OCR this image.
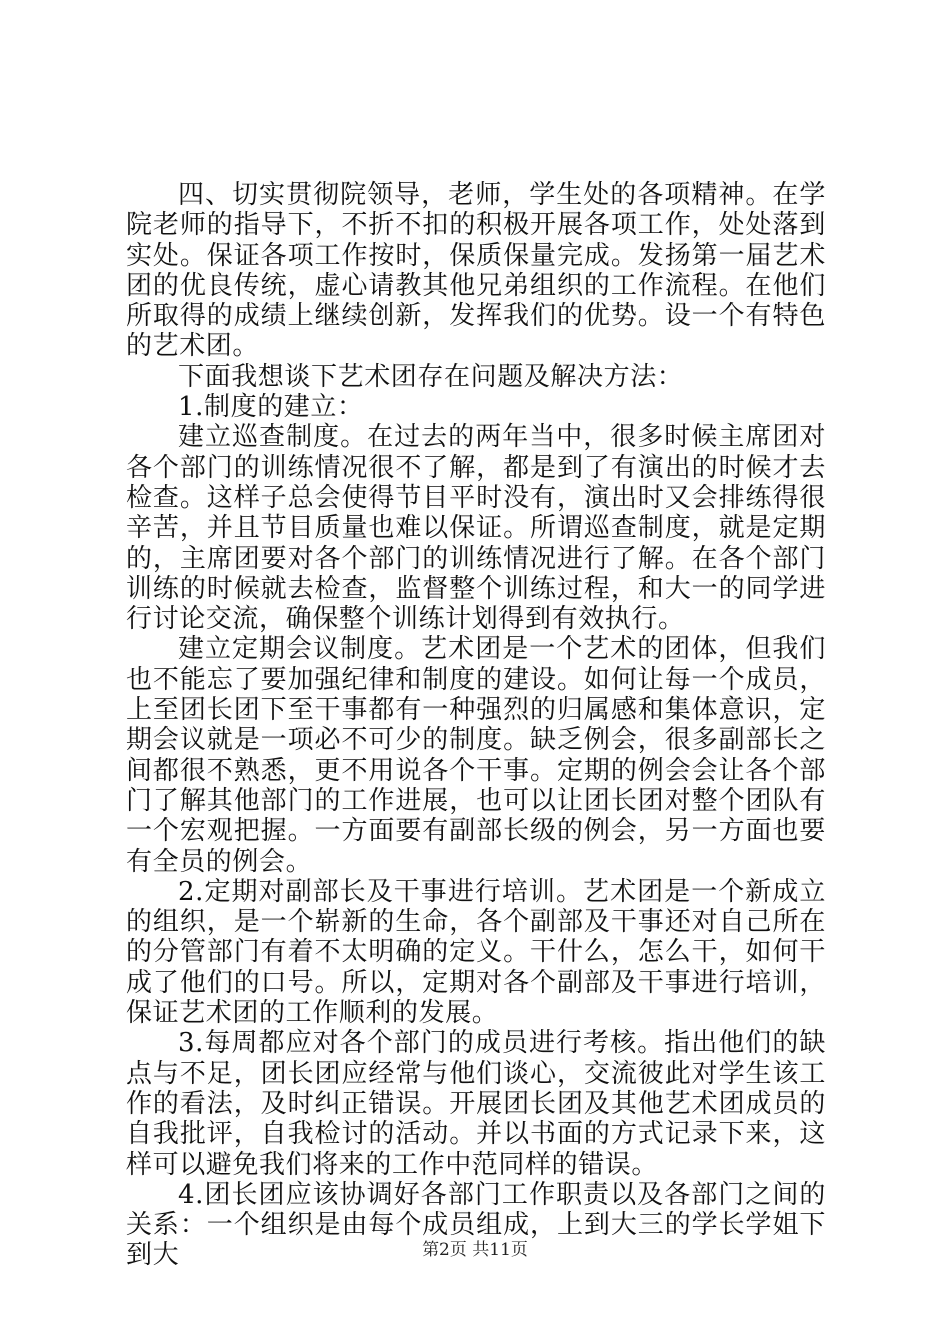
四、切实贯彻院领导，老师，学生处的各项精神。在学院老师的指导下，不折不扣的积极开展各项工作，处处落到实处。保证各项工作按时，保质保量完成。发扬第一届艺术团的优良传统，虚心请教其他兄弟组织的工作流程。在他们所取得的成绩上继续创新，发挥我们的优势。设一个有特色的艺术团。

下面我想谈下艺术团存在问题及解决方法：

1.制度的建立：

建立巡查制度。在过去的两年当中，很多时候主席团对各个部门的训练情况很不了解，都是到了有演出的时候才去检查。这样子总会使得节目平时没有，演出时又会排练得很辛苦，并且节目质量也难以保证。所谓巡查制度，就是定期的，主席团要对各个部门的训练情况进行了解。在各个部门训练的时候就去检查，监督整个训练过程，和大一的同学进行讨论交流，确保整个训练计划得到有效执行。

建立定期会议制度。艺术团是一个艺术的团体，但我们也不能忘了要加强纪律和制度的建设。如何让每一个成员，上至团长团下至干事都有一种强烈的归属感和集体意识，定期会议就是一项必不可少的制度。缺乏例会，很多副部长之间都很不熟悉，更不用说各个干事。定期的例会会让各个部门了解其他部门的工作进展，也可以让团长团对整个团队有一个宏观把握。一方面要有副部长级的例会，另一方面也要有全员的例会。

2.定期对副部长及干事进行培训。艺术团是一个新成立的组织，是一个崭新的生命，各个副部及干事还对自己所在的分管部门有着不太明确的定义。干什么，怎么干，如何干成了他们的口号。所以，定期对各个副部及干事进行培训，保证艺术团的工作顺利的发展。

3.每周都应对各个部门的成员进行考核。指出他们的缺点与不足，团长团应经常与他们谈心，交流彼此对学生该工作的看法，及时纠正错误。开展团长团及其他艺术团成员的自我批评，自我检讨的活动。并以书面的方式记录下来，这样可以避免我们将来的工作中范同样的错误。

4.团长团应该协调好各部门工作职责以及各部门之间的关系：一个组织是由每个成员组成，上到大三的学长学姐下到大	第2页 共11页
